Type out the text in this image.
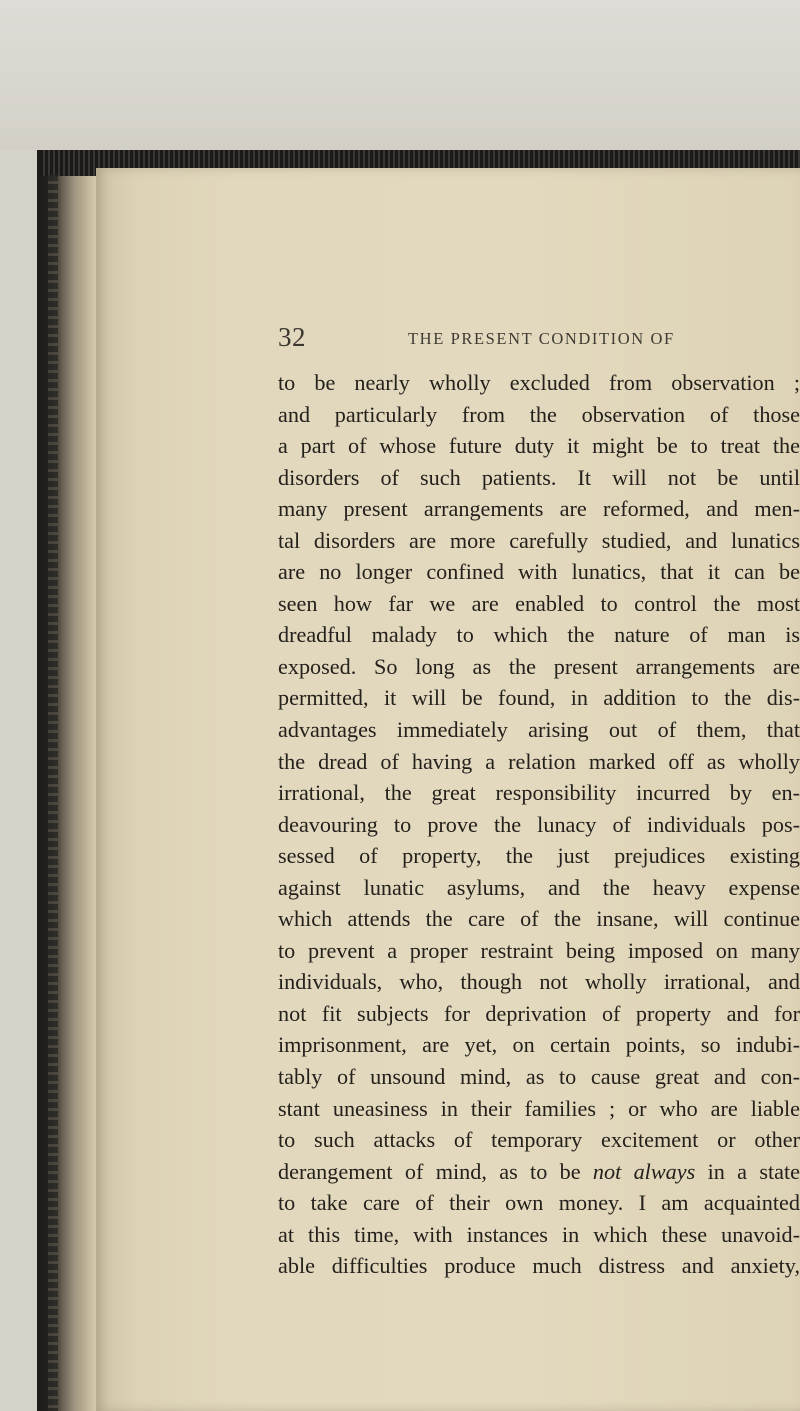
32	THE PRESENT CONDITION OF
to be nearly wholly excluded from observation ;
and particularly from the observation of those
a part of whose future duty it might be to treat the
disorders of such patients. It will not be until
many present arrangements are reformed, and men-
tal disorders are more carefully studied, and lunatics
are no longer confined with lunatics, that it can be
seen how far we are enabled to control the most
dreadful malady to which the nature of man is
exposed. So long as the present arrangements are
permitted, it will be found, in addition to the dis-
advantages immediately arising out of them, that
the dread of having a relation marked off as wholly
irrational, the great responsibility incurred by en-
deavouring to prove the lunacy of individuals pos-
sessed of property, the just prejudices existing
against lunatic asylums, and the heavy expense
which attends the care of the insane, will continue
to prevent a proper restraint being imposed on many
individuals, who, though not wholly irrational, and
not fit subjects for deprivation of property and for
imprisonment, are yet, on certain points, so indubi-
tably of unsound mind, as to cause great and con-
stant uneasiness in their families ; or who are liable
to such attacks of temporary excitement or other
derangement of mind, as to be not always in a state
to take care of their own money. I am acquainted
at this time, with instances in which these unavoid-
able difficulties produce much distress and anxiety,
